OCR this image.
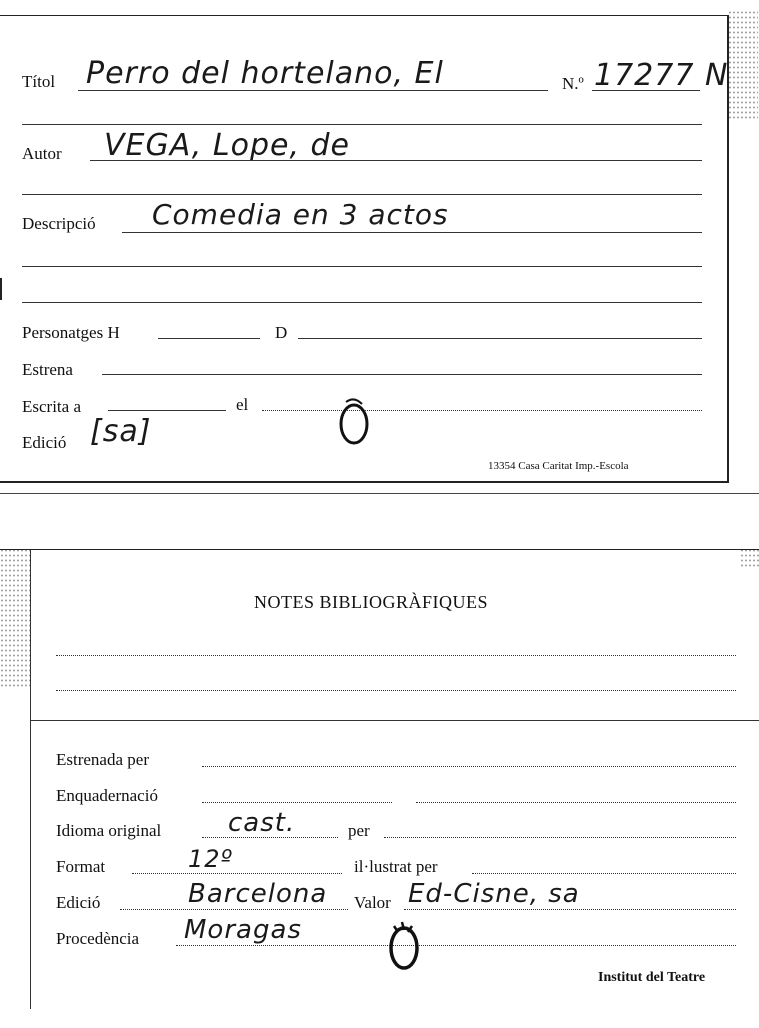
Títol Perro del hortelano, El	N.º 17277 N
Autor VEGA, Lope, de
Descripció Comedia en 3 actos
Personatges H	D
Estrena
Escrita a	el
Edició [sa]
13354 Casa Caritat Imp.-Escola
NOTES BIBLIOGRÀFIQUES
Estrenada per
Enquadernació
Idioma original	cast.	per
Format	12º	il·lustrat per
Edició	Barcelona Valor Ed-Cisne, sa
Procedència Moragas
Institut del Teatre
